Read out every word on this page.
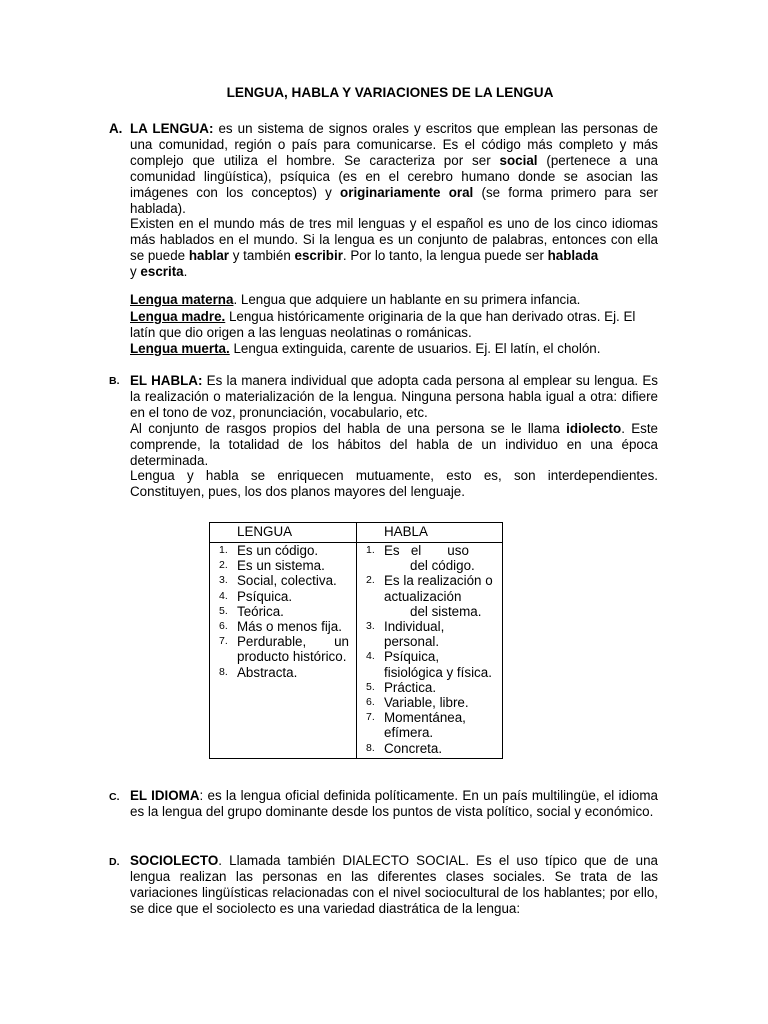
LENGUA, HABLA Y VARIACIONES DE LA LENGUA
A. LA LENGUA: es un sistema de signos orales y escritos que emplean las personas de una comunidad, región o país para comunicarse. Es el código más completo y más complejo que utiliza el hombre. Se caracteriza por ser social (pertenece a una comunidad lingüística), psíquica (es en el cerebro humano donde se asocian las imágenes con los conceptos) y originariamente oral (se forma primero para ser hablada).

Existen en el mundo más de tres mil lenguas y el español es uno de los cinco idiomas más hablados en el mundo. Si la lengua es un conjunto de palabras, entonces con ella se puede hablar y también escribir. Por lo tanto, la lengua puede ser hablada
y escrita.

Lengua materna. Lengua que adquiere un hablante en su primera infancia.

Lengua madre. Lengua históricamente originaria de la que han derivado otras. Ej. El latín que dio origen a las lenguas neolatinas o románicas.

Lengua muerta. Lengua extinguida, carente de usuarios. Ej. El latín, el cholón.

B. EL HABLA: Es la manera individual que adopta cada persona al emplear su lengua. Es la realización o materialización de la lengua. Ninguna persona habla igual a otra: difiere en el tono de voz, pronunciación, vocabulario, etc.

Al conjunto de rasgos propios del habla de una persona se le llama idiolecto. Este comprende, la totalidad de los hábitos del habla de un individuo en una época determinada.

Lengua y habla se enriquecen mutuamente, esto es, son interdependientes. Constituyen, pues, los dos planos mayores del lenguaje.

LENGUA
1. Es un código.
2. Es un sistema.
3. Social, colectiva.
4. Psíquica.
5. Teórica.
6. Más o menos fija.
7. Perdurable, un
producto histórico.
8. Abstracta.
HABLA
1. Es el uso
del código.
2. Es la realización o actualización
del sistema.
3. Individual, personal.
4. Psíquica, fisiológica y física.
5. Práctica.
6. Variable, libre.
7. Momentánea, efímera.
8. Concreta.
C. EL IDIOMA: es la lengua oficial definida políticamente. En un país multilingüe, el idioma es la lengua del grupo dominante desde los puntos de vista político, social y económico.

D. SOCIOLECTO. Llamada también DIALECTO SOCIAL. Es el uso típico que de una lengua realizan las personas en las diferentes clases sociales. Se trata de las variaciones lingüísticas relacionadas con el nivel sociocultural de los hablantes; por ello, se dice que el sociolecto es una variedad diastrática de la lengua:
